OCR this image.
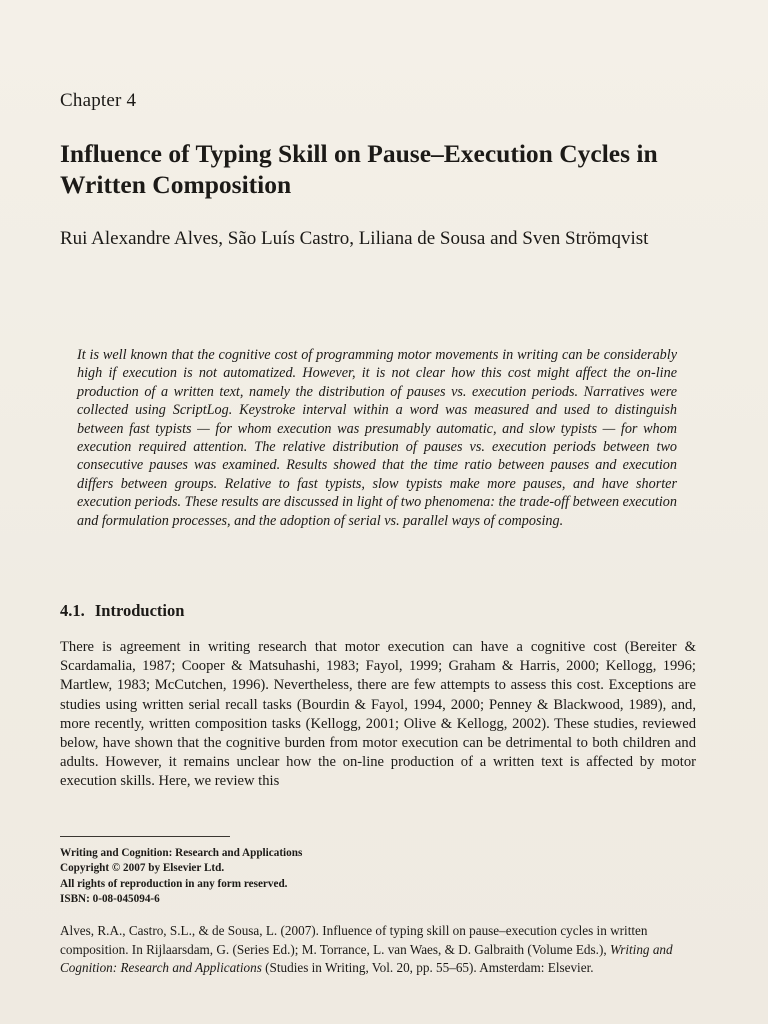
Chapter 4
Influence of Typing Skill on Pause–Execution Cycles in Written Composition
Rui Alexandre Alves, São Luís Castro, Liliana de Sousa and Sven Strömqvist
It is well known that the cognitive cost of programming motor movements in writing can be considerably high if execution is not automatized. However, it is not clear how this cost might affect the on-line production of a written text, namely the distribution of pauses vs. execution periods. Narratives were collected using ScriptLog. Keystroke interval within a word was measured and used to distinguish between fast typists — for whom execution was presumably automatic, and slow typists — for whom execution required attention. The relative distribution of pauses vs. execution periods between two consecutive pauses was examined. Results showed that the time ratio between pauses and execution differs between groups. Relative to fast typists, slow typists make more pauses, and have shorter execution periods. These results are discussed in light of two phenomena: the trade-off between execution and formulation processes, and the adoption of serial vs. parallel ways of composing.
4.1. Introduction
There is agreement in writing research that motor execution can have a cognitive cost (Bereiter & Scardamalia, 1987; Cooper & Matsuhashi, 1983; Fayol, 1999; Graham & Harris, 2000; Kellogg, 1996; Martlew, 1983; McCutchen, 1996). Nevertheless, there are few attempts to assess this cost. Exceptions are studies using written serial recall tasks (Bourdin & Fayol, 1994, 2000; Penney & Blackwood, 1989), and, more recently, written composition tasks (Kellogg, 2001; Olive & Kellogg, 2002). These studies, reviewed below, have shown that the cognitive burden from motor execution can be detrimental to both children and adults. However, it remains unclear how the on-line production of a written text is affected by motor execution skills. Here, we review this
Writing and Cognition: Research and Applications
Copyright © 2007 by Elsevier Ltd.
All rights of reproduction in any form reserved.
ISBN: 0-08-045094-6
Alves, R.A., Castro, S.L., & de Sousa, L. (2007). Influence of typing skill on pause–execution cycles in written composition. In Rijlaarsdam, G. (Series Ed.); M. Torrance, L. van Waes, & D. Galbraith (Volume Eds.), Writing and Cognition: Research and Applications (Studies in Writing, Vol. 20, pp. 55–65). Amsterdam: Elsevier.
